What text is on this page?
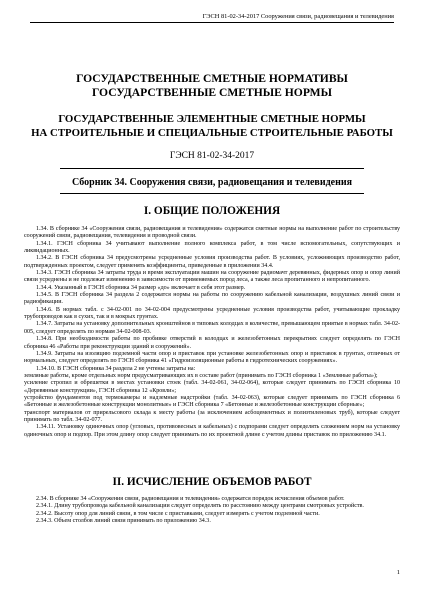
ГЭСН 81-02-34-2017 Сооружения связи, радиовещания и телевидения
ГОСУДАРСТВЕННЫЕ СМЕТНЫЕ НОРМАТИВЫ
ГОСУДАРСТВЕННЫЕ СМЕТНЫЕ НОРМЫ
ГОСУДАРСТВЕННЫЕ ЭЛЕМЕНТНЫЕ СМЕТНЫЕ НОРМЫ
НА СТРОИТЕЛЬНЫЕ И СПЕЦИАЛЬНЫЕ СТРОИТЕЛЬНЫЕ РАБОТЫ
ГЭСН 81-02-34-2017
Сборник 34. Сооружения связи, радиовещания и телевидения
I. ОБЩИЕ ПОЛОЖЕНИЯ

1.34. В сборнике 34 «Сооружения связи, радиовещания и телевидения» содержатся сметные нормы на выполнение работ по строительству сооружений связи, радиовещания, телевидения и проводной связи.

1.34.1. ГЭСН сборника 34 учитывают выполнение полного комплекса работ, в том числе вспомогательных, сопутствующих и ликвидационных.

1.34.2. В ГЭСН сборника 34 предусмотрены усредненные условия производства работ. В условиях, усложняющих производство работ, подтвержденных проектом, следует применять коэффициенты, приведенные в приложении 34.4.

1.34.3. ГЭСН сборника 34 затраты труда и время эксплуатации машин на сооружение радиомачт деревянных, фидерных опор и опор линий связи усреднены и не подлежат изменению в зависимости от применяемых пород леса, а также леса пропитанного и непропитанного.

1.34.4. Указанный в ГЭСН сборника 34 размер «до» включает в себя этот размер.

1.34.5. В ГЭСН сборника 34 раздела 2 содержатся нормы на работы по сооружению кабельной канализации, воздушных линий связи и радиофикации.

1.34.6. В нормах табл. с 34-02-001 по 34-02-004 предусмотрены усредненные условия производства работ, учитывающие прокладку трубопроводов как в сухих, так и в мокрых грунтах.

1.34.7. Затраты на установку дополнительных кронштейнов в типовых колодцах в количестве, превышающем приятые в нормах табл. 34-02-005, следует определять по нормам 34-02-008-03.

1.34.8. При необходимости работы по пробивке отверстий в колодцах и железобетонных перекрытиях следует определять по ГЭСН сборника 46 «Работы при реконструкции зданий и сооружений».

1.34.9. Затраты на изоляцию подземной части опор и приставок при установке железобетонных опор и приставок в грунтах, отличных от нормальных, следует определять по ГЭСН сборника 41 «Гидроизоляционные работы в гидротехнических сооружениях».

1.34.10. В ГЭСН сборника 34 раздела 2 не учтены затраты на:

земляные работы, кроме отдельных норм предусматривающих их в составе работ (принимать по ГЭСН сборника 1 «Земляные работы»);

усиление стропил и обрешетки в местах установки стоек (табл. 34-02-061, 34-02-064), которые следует принимать по ГЭСН сборника 10 «Деревянные конструкции», ГЭСН сборника 12 «Кровли»;

устройство фундаментов под термокамеры и надземные надстройки (табл. 34-02-063), которые следует принимать по ГЭСН сборника 6 «Бетонные и железобетонные конструкции монолитные» и ГЭСН сборника 7 «Бетонные и железобетонные конструкции сборные»;

транспорт материалов от прирельсового склада к месту работы (за исключением асбоцементных и полиэтиленовых труб), которые следует принимать по табл. 34-02-077.

1.34.11. Установку одиночных опор (угловых, противовесных и кабельных) с подпорами следует определять сложением норм на установку одиночных опор и подпор. При этом длину опор следует принимать по их проектной длине с учетом длины приставок по приложению 34.1.

II. ИСЧИСЛЕНИЕ ОБЪЕМОВ РАБОТ

2.34. В сборнике 34 «Сооружения связи, радиовещания и телевидения» содержатся порядок исчисления объемов работ.

2.34.1. Длину трубопровода кабельной канализации следует определять по расстоянию между центрами смотровых устройств.

2.34.2. Высоту опор для линий связи, в том числе с приставками, следует измерять с учетом подземной части.

2.34.3. Объем столбов линий связи принимать по приложению 34.3.

1
